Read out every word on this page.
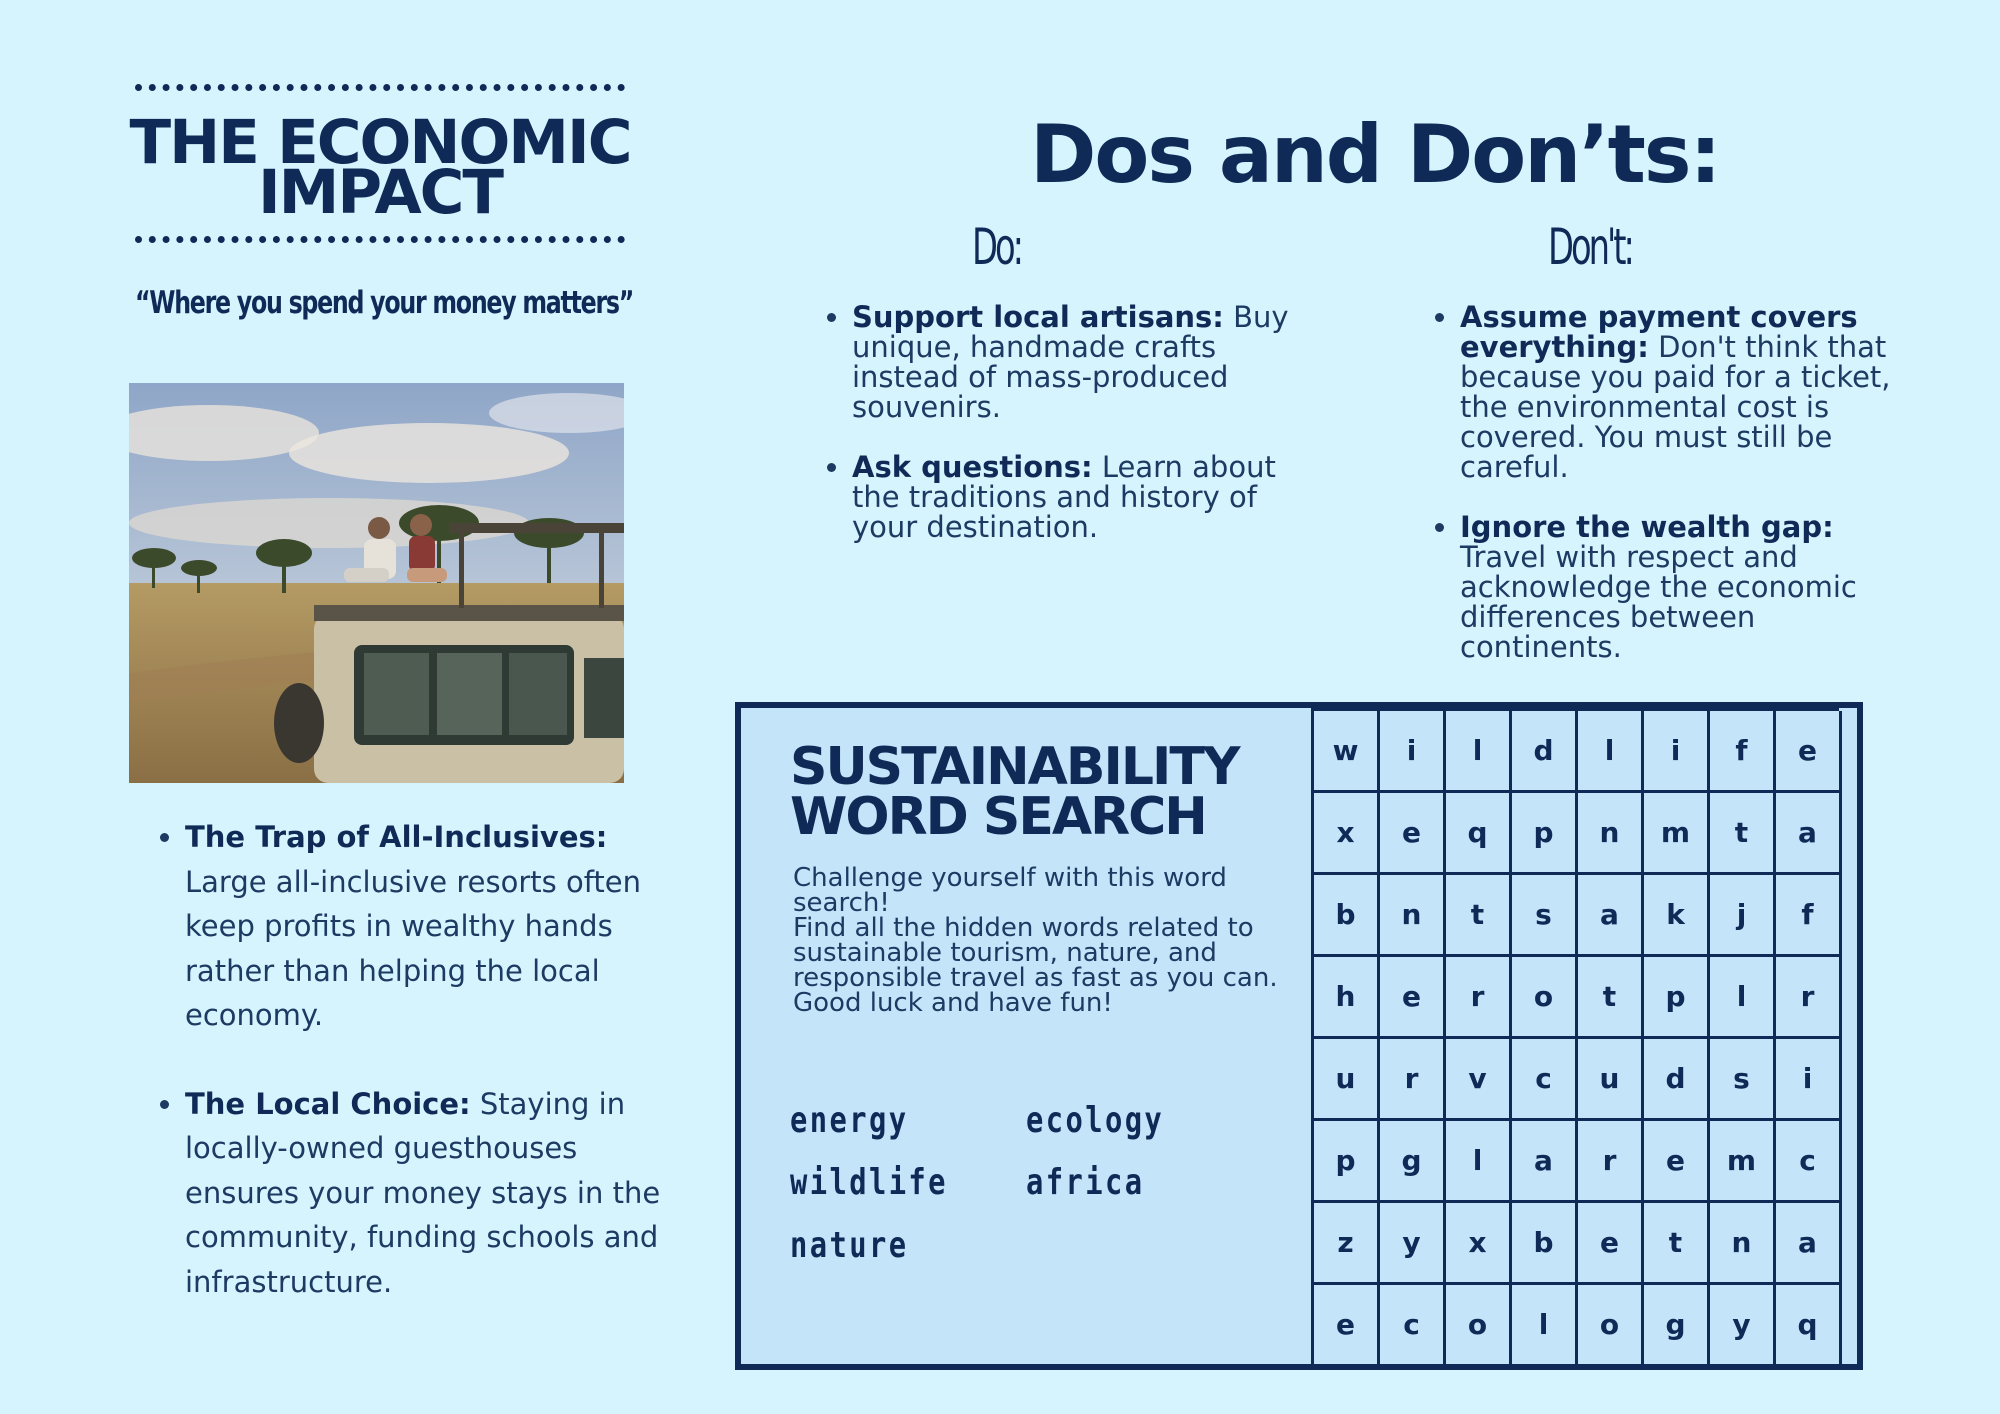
THE ECONOMIC
IMPACT
“Where you spend your money matters”
• The Trap of All-Inclusives: Large all-inclusive resorts often keep profits in wealthy hands rather than helping the local economy.
• The Local Choice: Staying in locally-owned guesthouses ensures your money stays in the community, funding schools and infrastructure.
Dos and Don’ts:
Do:	Don't:
• Support local artisans: Buy unique, handmade crafts instead of mass-produced souvenirs.
• Ask questions: Learn about the traditions and history of your destination.
• Assume payment covers everything: Don't think that because you paid for a ticket, the environmental cost is covered. You must still be careful.
• Ignore the wealth gap: Travel with respect and acknowledge the economic differences between continents.
SUSTAINABILITY
WORD SEARCH
Challenge yourself with this word
search!
Find all the hidden words related to
sustainable tourism, nature, and
responsible travel as fast as you can.
Good luck and have fun!
energy	ecology
wildlife africa
nature
w	i	l	d	l	i	f	e
x	e	q	p	n	m	t	a
b	n	t	s	a	k	j	f
h	e	r	o	t	p	l	r
u	r	v	c	u	d	s	i
p	g	l	a	r	e	m	c
z	y	x	b	e	t	n	a
e	c	o	l	o	g	y	q
